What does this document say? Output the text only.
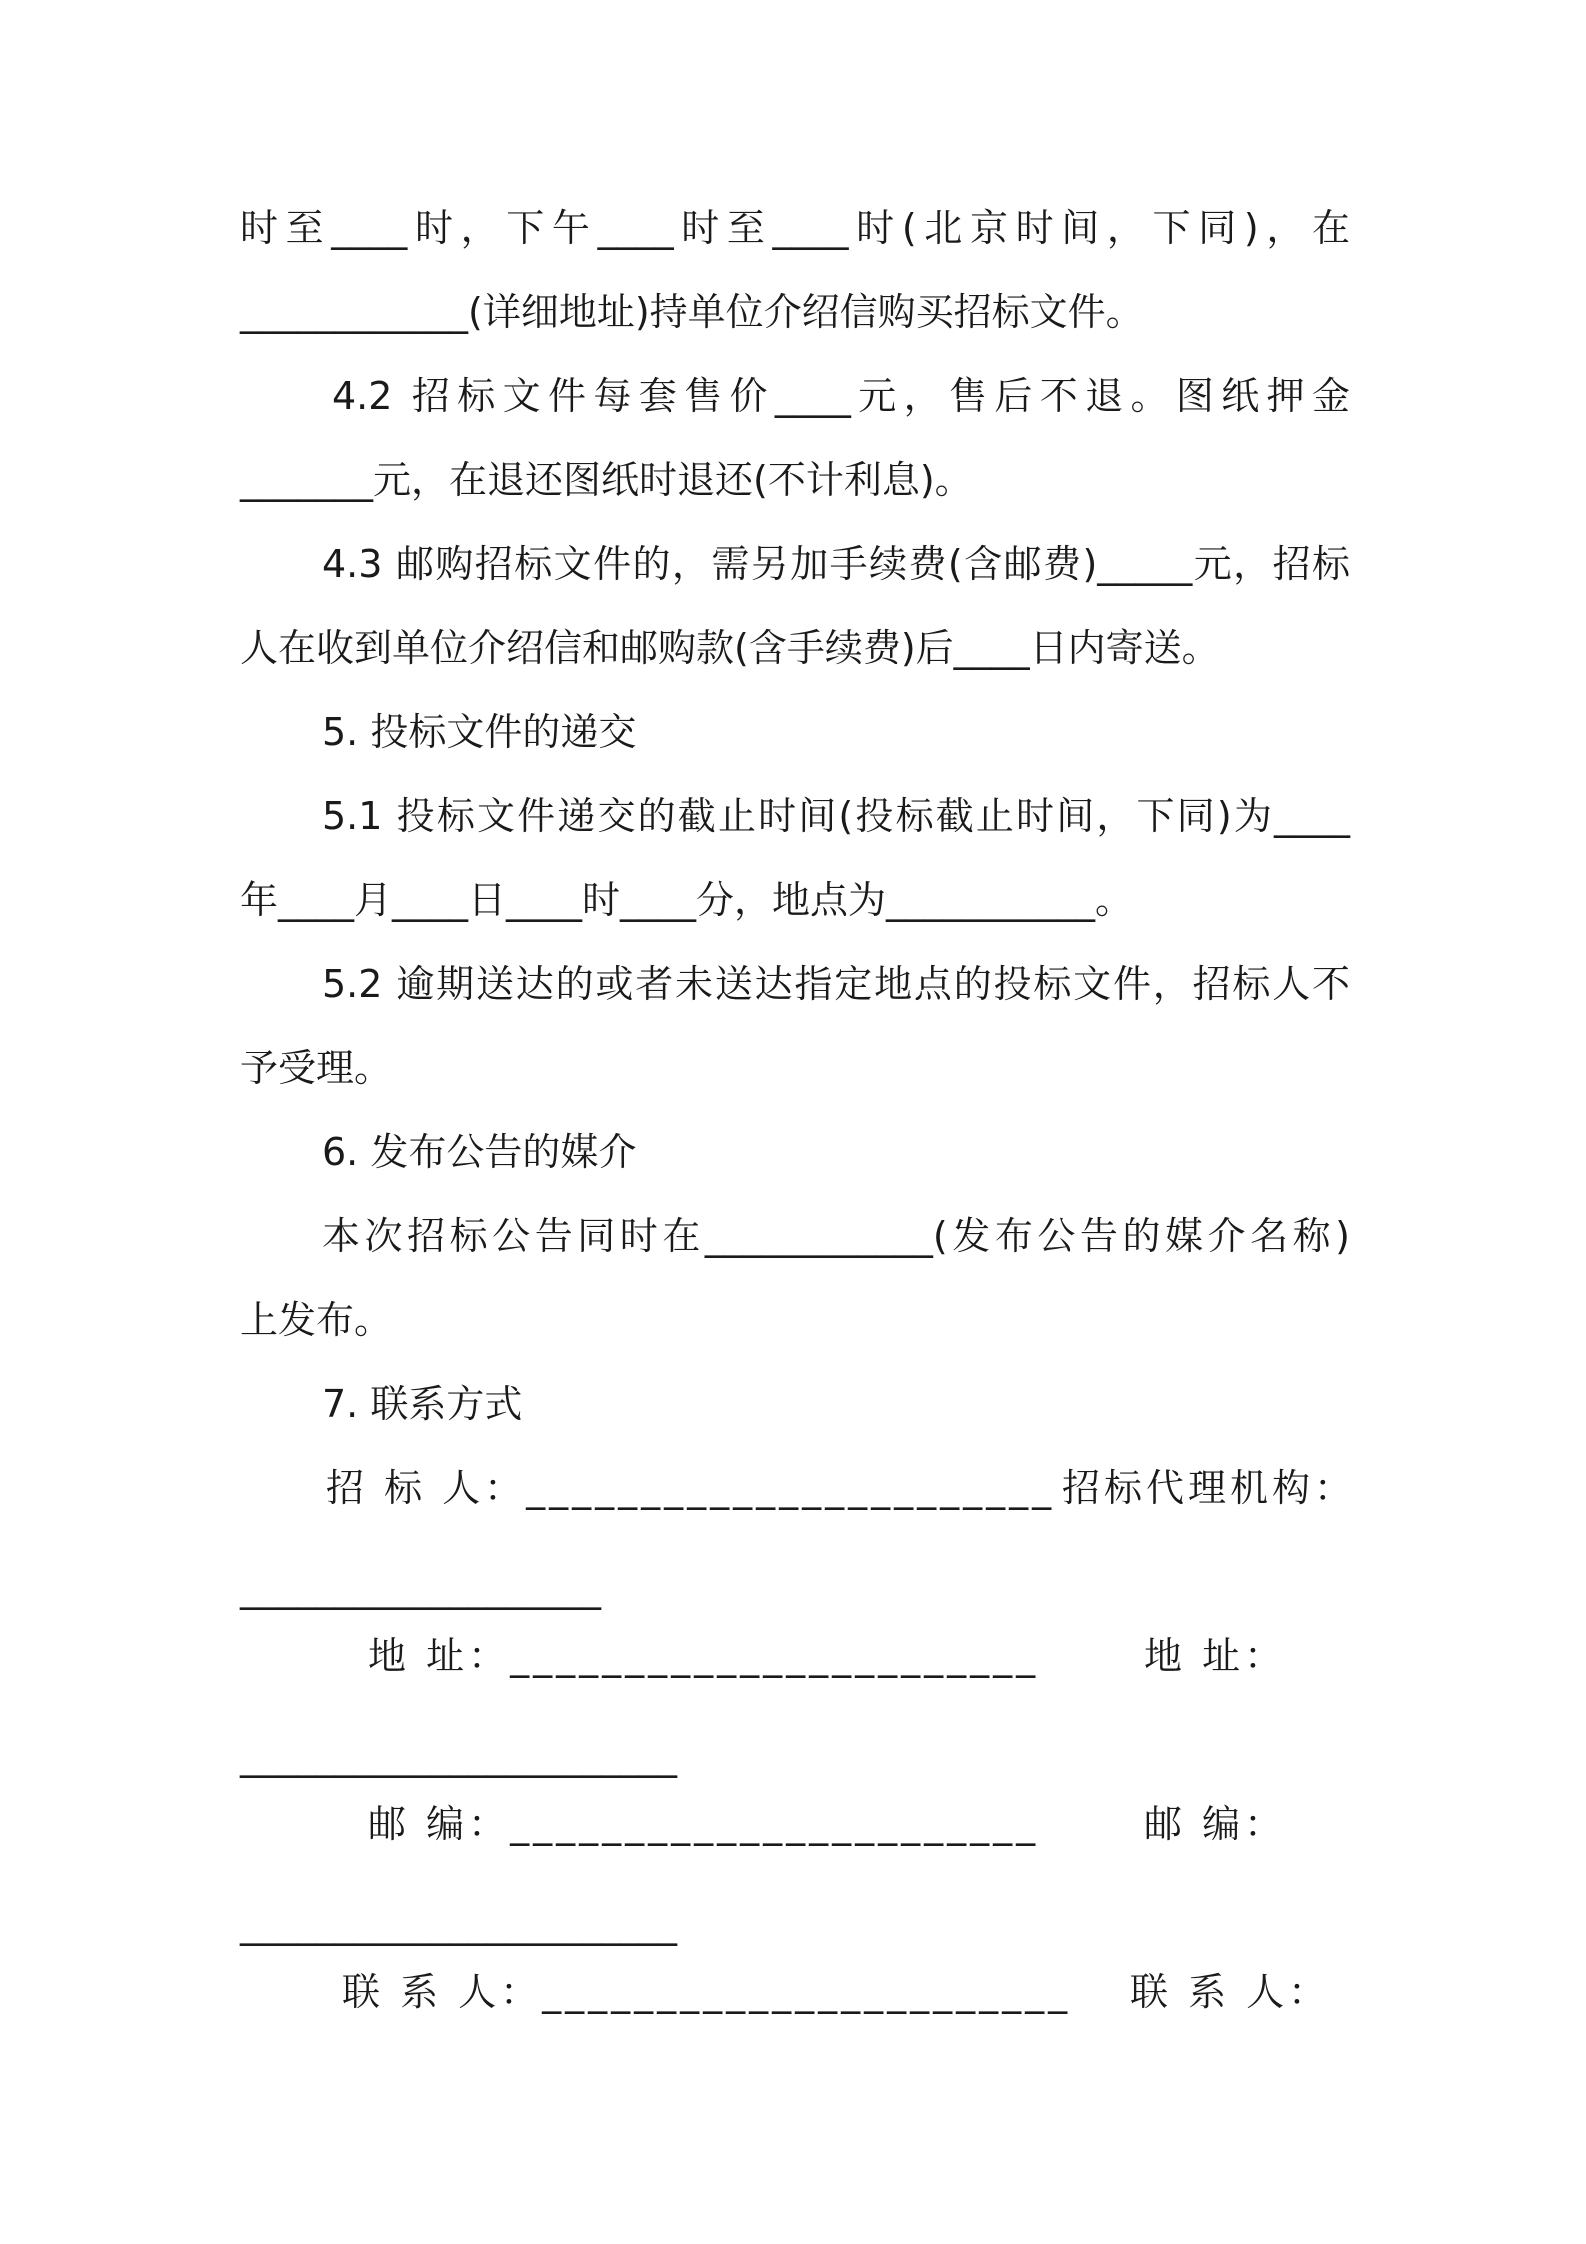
时至____时，下午____时至____时(北京时间，下同)，在
____________(详细地址)持单位介绍信购买招标文件。
4.2 招标文件每套售价____元，售后不退。图纸押金
_______元，在退还图纸时退还(不计利息)。
4.3 邮购招标文件的，需另加手续费(含邮费)_____元，招标
人在收到单位介绍信和邮购款(含手续费)后____日内寄送。
5. 投标文件的递交
5.1 投标文件递交的截止时间(投标截止时间，下同)为____
年____月____日____时____分，地点为___________。
5.2 逾期送达的或者未送达指定地点的投标文件，招标人不
予受理。
6. 发布公告的媒介
本次招标公告同时在____________(发布公告的媒介名称)
上发布。
7. 联系方式
招 标 人：_______________________ 招标代理机构：
___________________
地 址：_______________________	地 址：
_______________________
邮 编：_______________________	邮 编：
_______________________
联 系 人：_______________________ 联 系 人：
